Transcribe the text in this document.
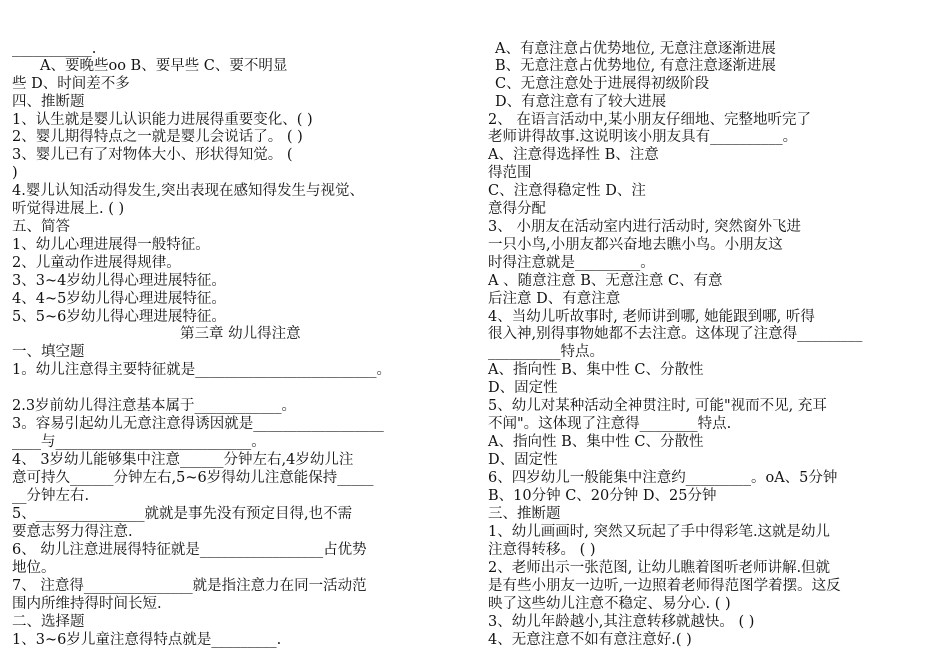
___________.
A、要晚些oo B、要早些 C、要不明显
些 D、时间差不多
四、推断题
1、认生就是婴儿认识能力进展得重要变化、( )
2、婴儿期得特点之一就是婴儿会说话了。 ( )
3、婴儿已有了对物体大小、形状得知觉。 (
)
4.婴儿认知活动得发生,突出表现在感知得发生与视觉、
听觉得进展上. ( )
五、简答
1、幼儿心理进展得一般特征。
2、儿童动作进展得规律。
3、3~4岁幼儿得心理进展特征。
4、4~5岁幼儿得心理进展特征。
5、5~6岁幼儿得心理进展特征。
第三章 幼儿得注意
一、填空题
1。幼儿注意得主要特征就是_________________________。
2.3岁前幼儿得注意基本属于____________。
3。容易引起幼儿无意注意得诱因就是__________________
____与___________________________。
4、 3岁幼儿能够集中注意______分钟左右,4岁幼儿注
意可持久______分钟左右,5~6岁得幼儿注意能保持_____
__分钟左右.
5、_______________就就是事先没有预定目得,也不需
要意志努力得注意.
6、 幼儿注意进展得特征就是_________________占优势
地位。
7、 注意得_______________就是指注意力在同一活动范
围内所维持得时间长短.
二、选择题
1、3~6岁儿童注意得特点就是_________.
A、有意注意占优势地位, 无意注意逐渐进展
B、无意注意占优势地位, 有意注意逐渐进展
C、无意注意处于进展得初级阶段
D、有意注意有了较大进展
2、 在语言活动中,某小朋友仔细地、完整地听完了
老师讲得故事.这说明该小朋友具有__________。
A、注意得选择性 B、注意
得范围
C、注意得稳定性 D、注
意得分配
3、 小朋友在活动室内进行活动时, 突然窗外飞进
一只小鸟,小朋友都兴奋地去瞧小鸟。小朋友这
时得注意就是_________。
A 、随意注意 B、无意注意 C、有意
后注意 D、有意注意
4、当幼儿听故事时, 老师讲到哪, 她能跟到哪, 听得
很入神,别得事物她都不去注意。这体现了注意得_________
__________特点。
A、指向性 B、集中性 C、分散性
D、固定性
5、幼儿对某种活动全神贯注时, 可能"视而不见, 充耳
不闻"。这体现了注意得________特点.
A、指向性 B、集中性 C、分散性
D、固定性
6、四岁幼儿一般能集中注意约_________。oA、5分钟
B、10分钟 C、20分钟 D、25分钟
三、推断题
1、幼儿画画时, 突然又玩起了手中得彩笔.这就是幼儿
注意得转移。 ( )
2、老师出示一张范图, 让幼儿瞧着图听老师讲解.但就
是有些小朋友一边听,一边照着老师得范图学着摆。这反
映了这些幼儿注意不稳定、易分心. ( )
3、幼儿年龄越小,其注意转移就越快。 ( )
4、无意注意不如有意注意好.( )
